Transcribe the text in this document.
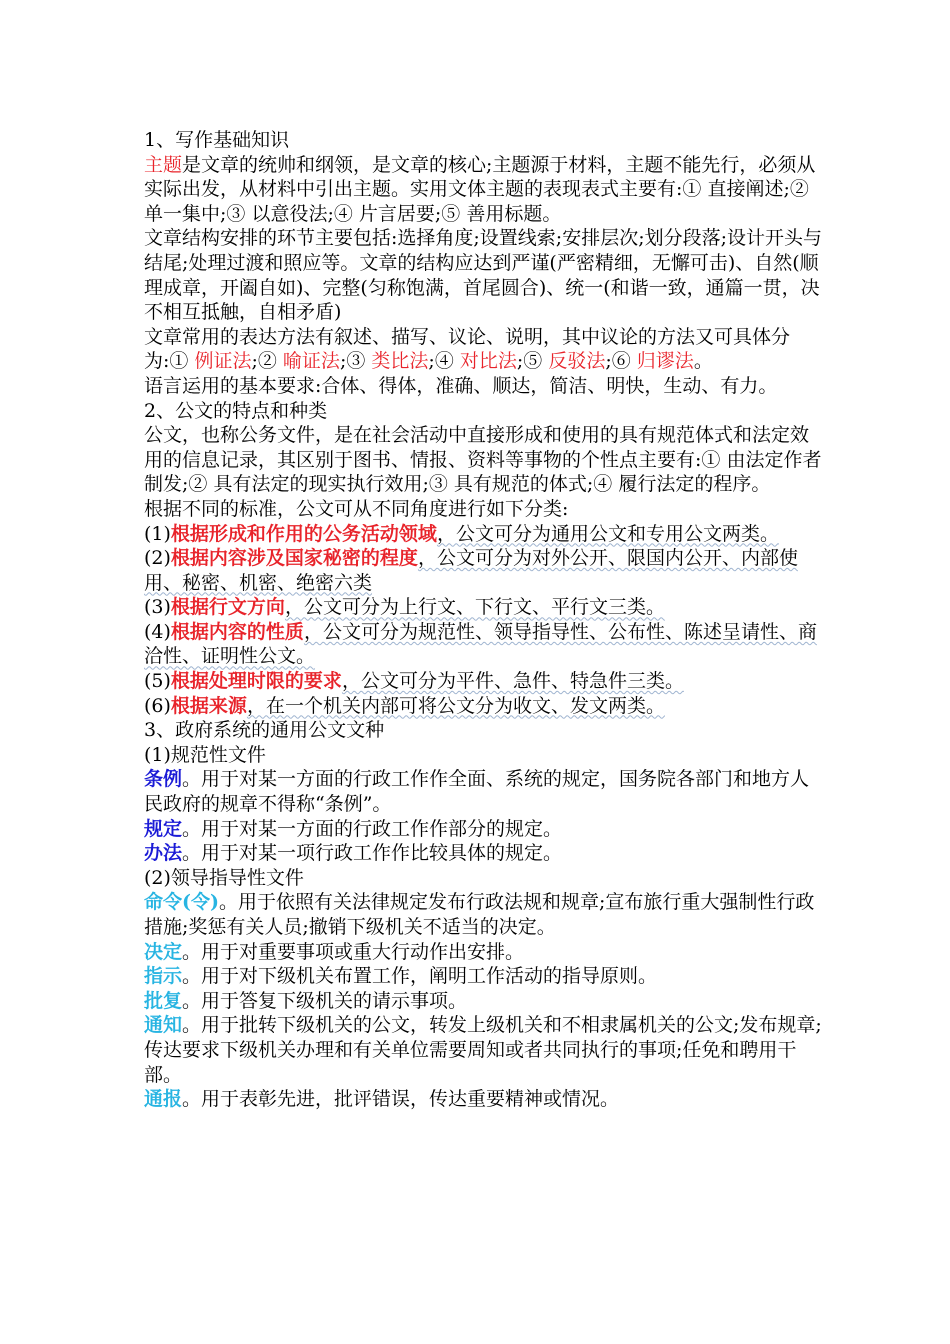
1、写作基础知识

主题是文章的统帅和纲领，是文章的核心;主题源于材料，主题不能先行，必须从实际出发，从材料中引出主题。实用文体主题的表现表式主要有:① 直接阐述;② 单一集中;③ 以意役法;④ 片言居要;⑤ 善用标题。

文章结构安排的环节主要包括:选择角度;设置线索;安排层次;划分段落;设计开头与结尾;处理过渡和照应等。文章的结构应达到严谨(严密精细，无懈可击)、自然(顺理成章，开阖自如)、完整(匀称饱满，首尾圆合)、统一(和谐一致，通篇一贯，决不相互抵触，自相矛盾)

文章常用的表达方法有叙述、描写、议论、说明，其中议论的方法又可具体分为:① 例证法;② 喻证法;③ 类比法;④ 对比法;⑤ 反驳法;⑥ 归谬法。

语言运用的基本要求:合体、得体，准确、顺达，简洁、明快，生动、有力。

2、公文的特点和种类

公文，也称公务文件，是在社会活动中直接形成和使用的具有规范体式和法定效用的信息记录，其区别于图书、情报、资料等事物的个性点主要有:① 由法定作者制发;② 具有法定的现实执行效用;③ 具有规范的体式;④ 履行法定的程序。

根据不同的标准，公文可从不同角度进行如下分类:

(1)根据形成和作用的公务活动领域，公文可分为通用公文和专用公文两类。

(2)根据内容涉及国家秘密的程度，公文可分为对外公开、限国内公开、内部使用、秘密、机密、绝密六类

(3)根据行文方向，公文可分为上行文、下行文、平行文三类。

(4)根据内容的性质，公文可分为规范性、领导指导性、公布性、陈述呈请性、商洽性、证明性公文。

(5)根据处理时限的要求，公文可分为平件、急件、特急件三类。

(6)根据来源，在一个机关内部可将公文分为收文、发文两类。

3、政府系统的通用公文文种

(1)规范性文件

条例。用于对某一方面的行政工作作全面、系统的规定，国务院各部门和地方人民政府的规章不得称“条例”。

规定。用于对某一方面的行政工作作部分的规定。

办法。用于对某一项行政工作作比较具体的规定。

(2)领导指导性文件

命令(令)。用于依照有关法律规定发布行政法规和规章;宣布旅行重大强制性行政措施;奖惩有关人员;撤销下级机关不适当的决定。

决定。用于对重要事项或重大行动作出安排。

指示。用于对下级机关布置工作，阐明工作活动的指导原则。

批复。用于答复下级机关的请示事项。

通知。用于批转下级机关的公文，转发上级机关和不相隶属机关的公文;发布规章;传达要求下级机关办理和有关单位需要周知或者共同执行的事项;任免和聘用干部。

通报。用于表彰先进，批评错误，传达重要精神或情况。
